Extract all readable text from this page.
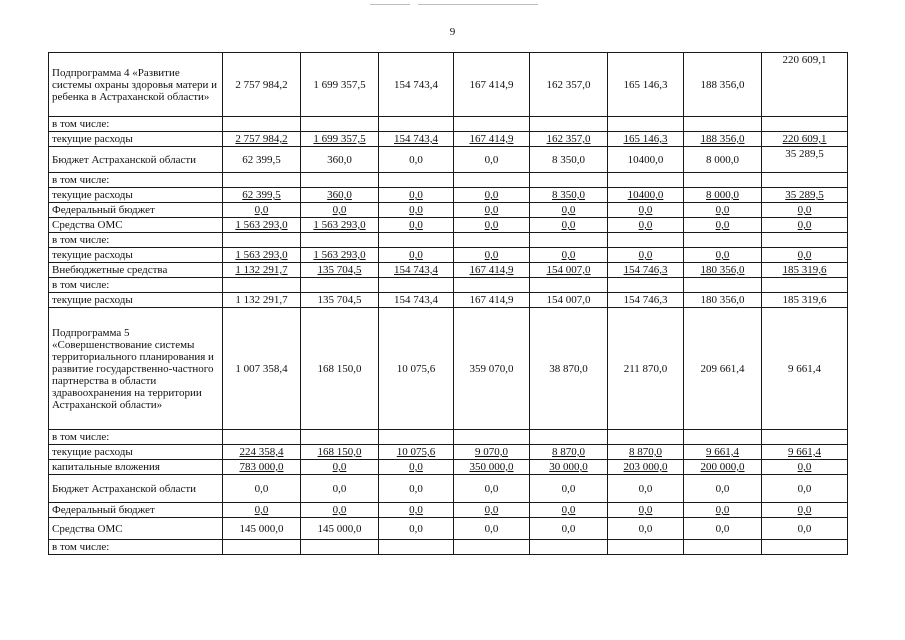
9
Подпрограмма 4 «Развитие системы охраны здоровья матери и ребенка в Астраханской области»	2 757 984,2	1 699 357,5	154 743,4	167 414,9	162 357,0	165 146,3	188 356,0	220 609,1
в том числе:								
текущие расходы	2 757 984,2	1 699 357,5	154 743,4	167 414,9	162 357,0	165 146,3	188 356,0	220 609,1
Бюджет Астраханской области	62 399,5	360,0	0,0	0,0	8 350,0	10400,0	8 000,0	35 289,5
в том числе:								
текущие расходы	62 399,5	360,0	0,0	0,0	8 350,0	10400,0	8 000,0	35 289,5
Федеральный бюджет	0,0	0,0	0,0	0,0	0,0	0,0	0,0	0,0
Средства ОМС	1 563 293,0	1 563 293,0	0,0	0,0	0,0	0,0	0,0	0,0
в том числе:								
текущие расходы	1 563 293,0	1 563 293,0	0,0	0,0	0,0	0,0	0,0	0,0
Внебюджетные средства	1 132 291,7	135 704,5	154 743,4	167 414,9	154 007,0	154 746,3	180 356,0	185 319,6
в том числе:								
текущие расходы	1 132 291,7	135 704,5	154 743,4	167 414,9	154 007,0	154 746,3	180 356,0	185 319,6
Подпрограмма 5 «Совершенствование системы территориального планирования и развитие государственно-частного партнерства в области здравоохранения на территории Астраханской области»	1 007 358,4	168 150,0	10 075,6	359 070,0	38 870,0	211 870,0	209 661,4	9 661,4
в том числе:								
текущие расходы	224 358,4	168 150,0	10 075,6	9 070,0	8 870,0	8 870,0	9 661,4	9 661,4
капитальные вложения	783 000,0	0,0	0,0	350 000,0	30 000,0	203 000,0	200 000,0	0,0
Бюджет Астраханской области	0,0	0,0	0,0	0,0	0,0	0,0	0,0	0,0
Федеральный бюджет	0,0	0,0	0,0	0,0	0,0	0,0	0,0	0,0
Средства ОМС	145 000,0	145 000,0	0,0	0,0	0,0	0,0	0,0	0,0
в том числе:								
